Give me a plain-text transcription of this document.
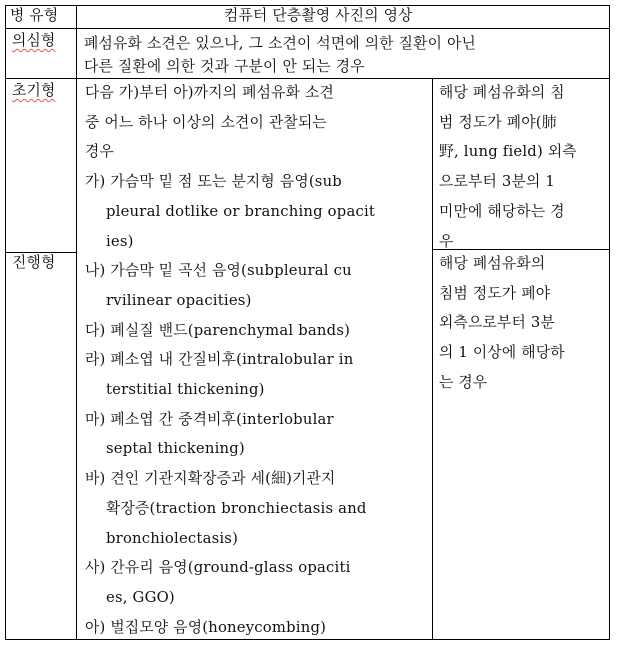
병 유형	컴퓨터 단층촬영 사진의 영상
의심형 폐섬유화 소견은 있으나, 그 소견이 석면에 의한 질환이 아닌
다른 질환에 의한 것과 구분이 안 되는 경우
초기형
진행형
다음 가)부터 아)까지의 폐섬유화 소견
중 어느 하나 이상의 소견이 관찰되는
경우
가) 가슴막 밑 점 또는 분지형 음영(sub
pleural dotlike or branching opacit
ies)
나) 가슴막 밑 곡선 음영(subpleural cu
rvilinear opacities)
다) 폐실질 밴드(parenchymal bands)
라) 폐소엽 내 간질비후(intralobular in
terstitial thickening)
마) 폐소엽 간 중격비후(interlobular
septal thickening)
바) 견인 기관지확장증과 세(細)기관지
확장증(traction bronchiectasis and
bronchiolectasis)
사) 간유리 음영(ground-glass opaciti
es, GGO)
아) 벌집모양 음영(honeycombing)
해당 폐섬유화의 침
범 정도가 폐야(肺
野, lung field) 외측
으로부터 3분의 1
미만에 해당하는 경
우
해당 폐섬유화의
침범 정도가 폐야
외측으로부터 3분
의 1 이상에 해당하
는 경우
